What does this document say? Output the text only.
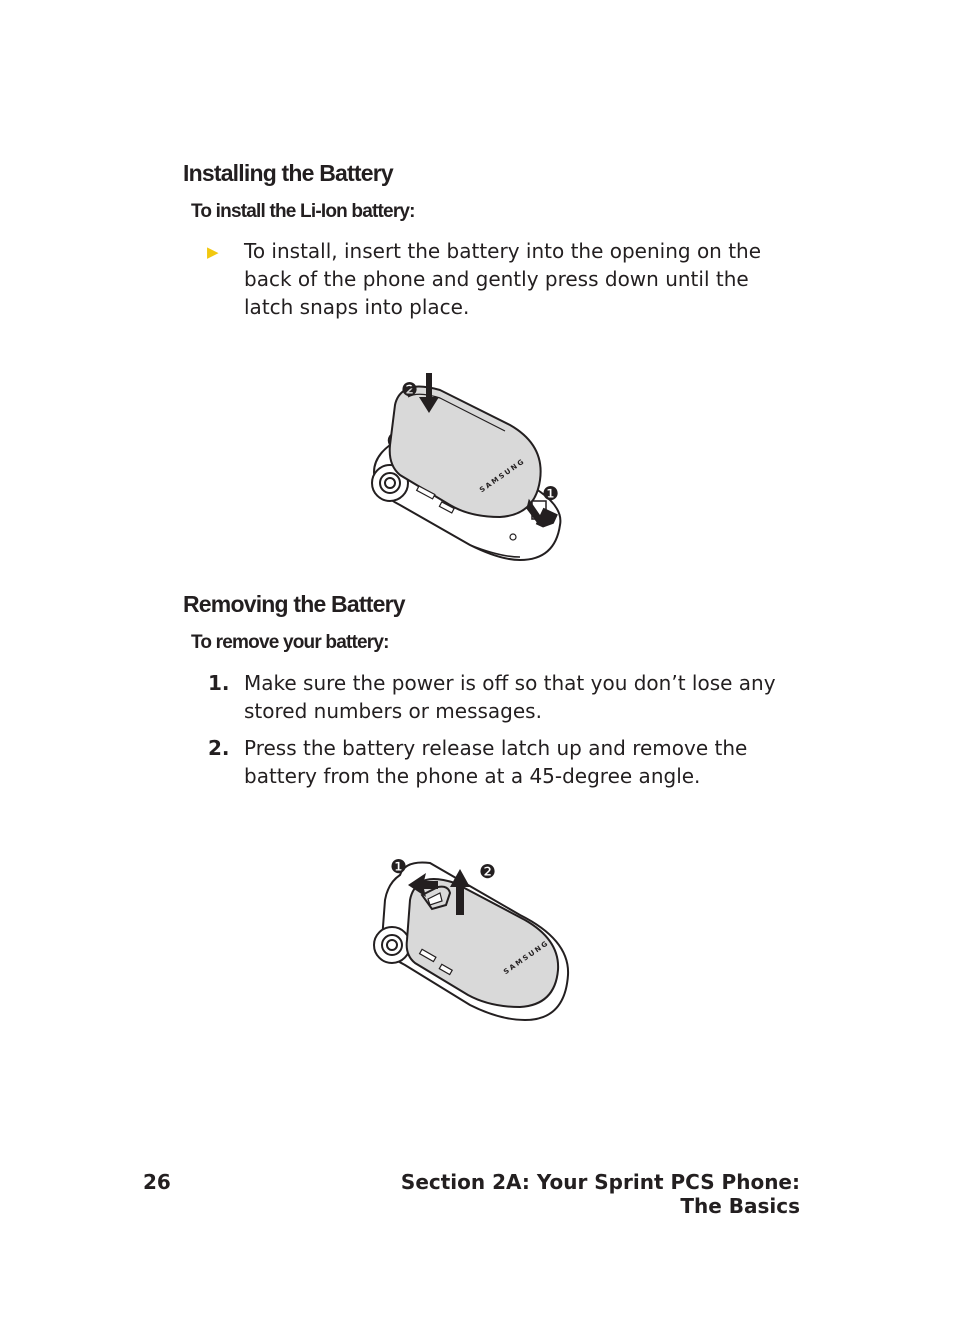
Installing the Battery
To install the Li-Ion battery:
▶	To install, insert the battery into the opening on the back of the phone and gently press down until the latch snaps into place.
SAMSUNG
❷
❶
Removing the Battery
To remove your battery:
1. Make sure the power is off so that you don’t lose any stored numbers or messages.
2. Press the battery release latch up and remove the battery from the phone at a 45-degree angle.
SAMSUNG
❶	❷
26	Section 2A: Your Sprint PCS Phone: The Basics
